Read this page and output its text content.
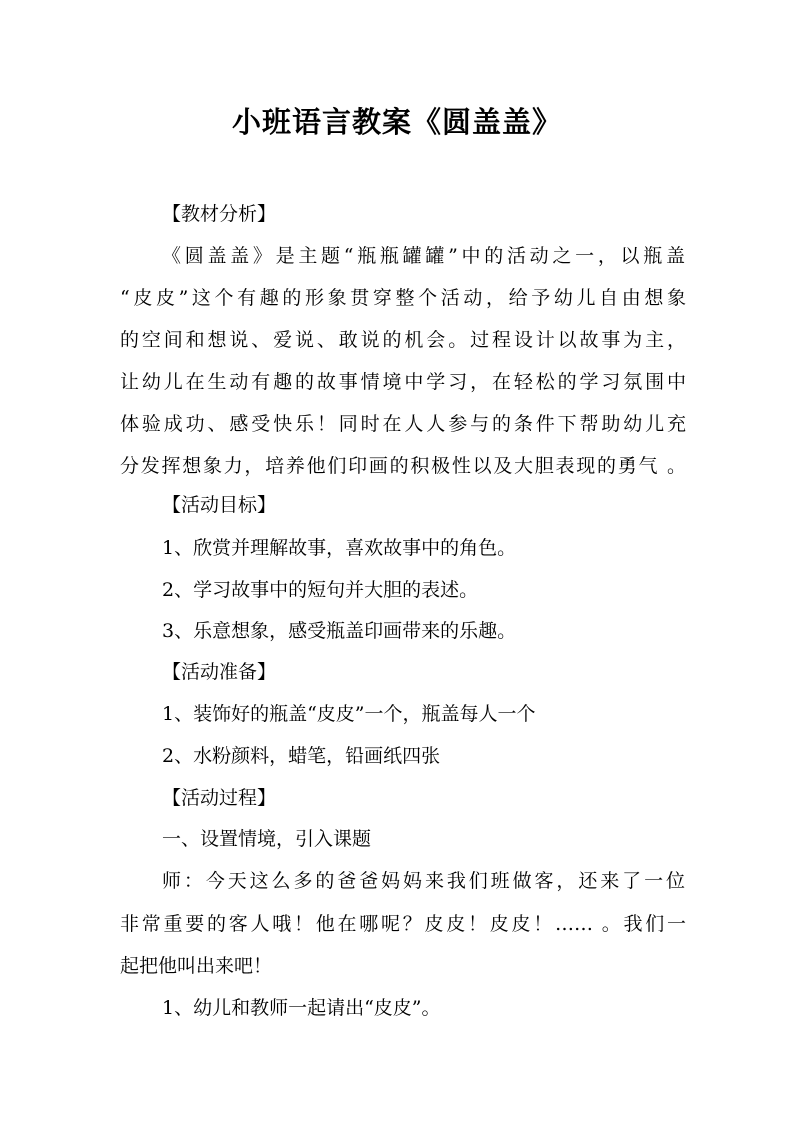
小班语言教案《圆盖盖》
【教材分析】
《圆盖盖》是主题“瓶瓶罐罐”中的活动之一，以瓶盖
“皮皮”这个有趣的形象贯穿整个活动，给予幼儿自由想象
的空间和想说、爱说、敢说的机会。过程设计以故事为主，
让幼儿在生动有趣的故事情境中学习，在轻松的学习氛围中
体验成功、感受快乐！同时在人人参与的条件下帮助幼儿充
分发挥想象力，培养他们印画的积极性以及大胆表现的勇气 。
【活动目标】
1、欣赏并理解故事，喜欢故事中的角色。
2、学习故事中的短句并大胆的表述。
3、乐意想象，感受瓶盖印画带来的乐趣。
【活动准备】
1、装饰好的瓶盖“皮皮”一个，瓶盖每人一个
2、水粉颜料，蜡笔，铅画纸四张
【活动过程】
一、设置情境，引入课题
师：今天这么多的爸爸妈妈来我们班做客，还来了一位
非常重要的客人哦！他在哪呢？皮皮！皮皮！…… 。我们一
起把他叫出来吧！
1、幼儿和教师一起请出“皮皮”。
